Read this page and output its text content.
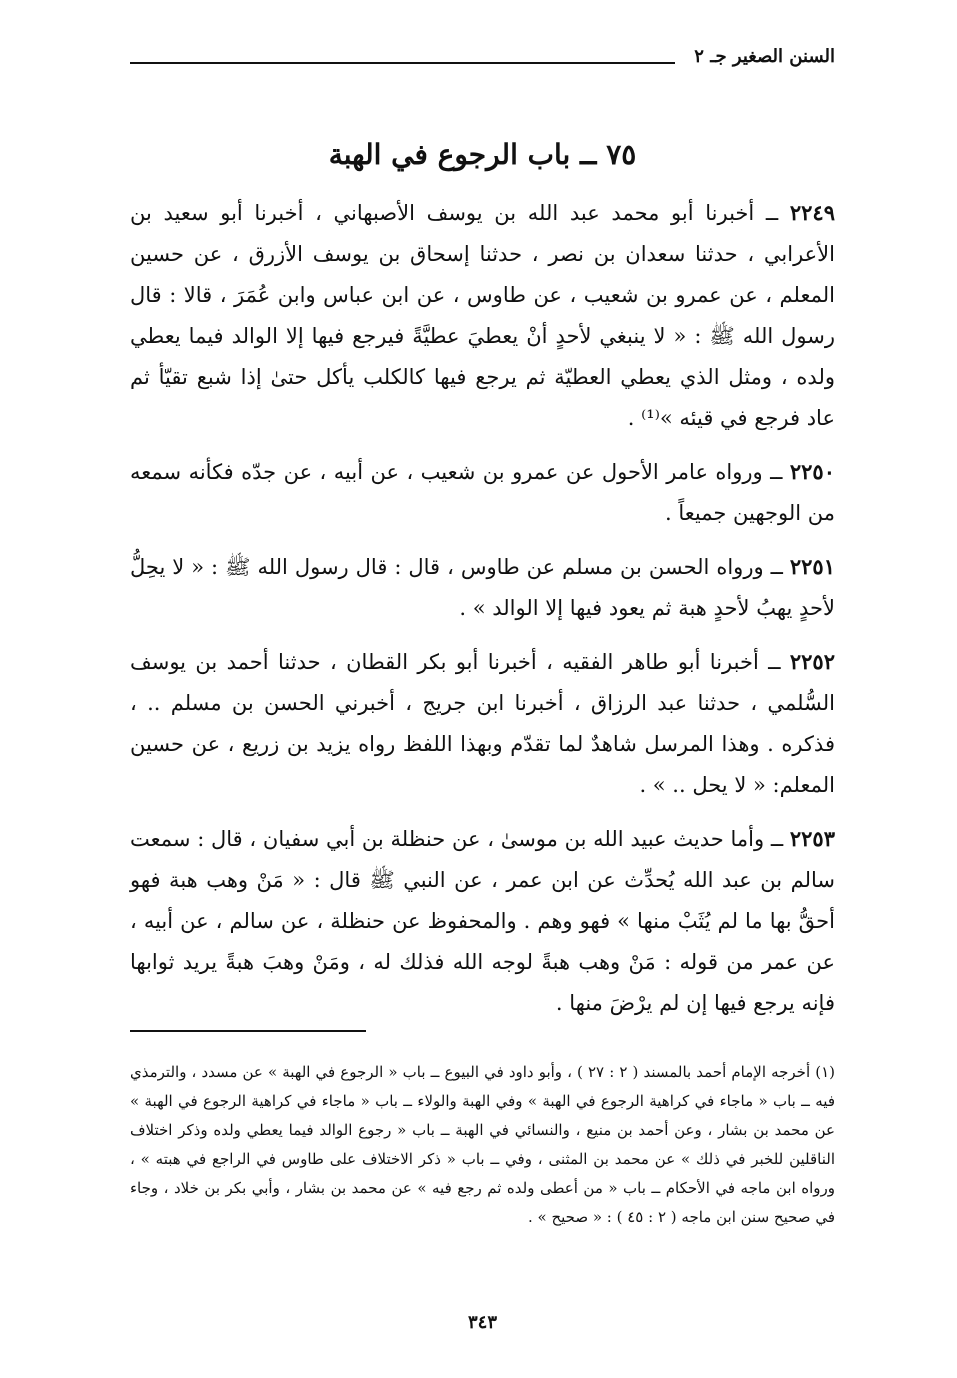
السنن الصغير جـ ٢
٧٥ ــ باب الرجوع في الهبة

٢٢٤٩ ــ أخبرنا أبو محمد عبد الله بن يوسف الأصبهاني ، أخبرنا أبو سعيد بن الأعرابي ، حدثنا سعدان بن نصر ، حدثنا إسحاق بن يوسف الأزرق ، عن حسين المعلم ، عن عمرو بن شعيب ، عن طاوس ، عن ابن عباس وابن عُمَرَ ، قالا : قال رسول الله ﷺ : « لا ينبغي لأحدٍ أنْ يعطيَ عطيَّةً فيرجع فيها إلا الوالد فيما يعطي ولده ، ومثل الذي يعطي العطيّة ثم يرجع فيها كالكلب يأكل حتىٰ إذا شبع تقيّأ ثم عاد فرجع في قيئه »⁽¹⁾ .

٢٢٥٠ ــ ورواه عامر الأحول عن عمرو بن شعيب ، عن أبيه ، عن جدّه فكأنه سمعه من الوجهين جميعاً .

٢٢٥١ ــ ورواه الحسن بن مسلم عن طاوس ، قال : قال رسول الله ﷺ : « لا يحِلُّ لأحدٍ يهبُ لأحدٍ هبة ثم يعود فيها إلا الوالد » .

٢٢٥٢ ــ أخبرنا أبو طاهر الفقيه ، أخبرنا أبو بكر القطان ، حدثنا أحمد بن يوسف السُّلمي ، حدثنا عبد الرزاق ، أخبرنا ابن جريج ، أخبرني الحسن بن مسلم .. ، فذكره . وهذا المرسل شاهدٌ لما تقدّم وبهذا اللفظ رواه يزيد بن زريع ، عن حسين المعلم: « لا يحل .. » .

٢٢٥٣ ــ وأما حديث عبيد الله بن موسىٰ ، عن حنظلة بن أبي سفيان ، قال : سمعت سالم بن عبد الله يُحدِّث عن ابن عمر ، عن النبي ﷺ قال : « مَنْ وهب هبة فهو أحقُّ بها ما لم يُثَبْ منها » فهو وهم . والمحفوظ عن حنظلة ، عن سالم ، عن أبيه ، عن عمر من قوله : مَنْ وهب هبةً لوجه الله فذلك له ، ومَنْ وهبَ هبةً يريد ثوابها فإنه يرجع فيها إن لم يرْضَ منها .

(١) أخرجه الإمام أحمد بالمسند ( ٢ : ٢٧ ) ، وأبو داود في البيوع ــ باب « الرجوع في الهبة » عن مسدد ، والترمذي فيه ــ باب « ماجاء في كراهية الرجوع في الهبة » وفي الهبة والولاء ــ باب « ماجاء في كراهية الرجوع في الهبة » عن محمد بن بشار ، وعن أحمد بن منيع ، والنسائي في الهبة ــ باب « رجوع الوالد فيما يعطي ولده وذكر اختلاف الناقلين للخبر في ذلك » عن محمد بن المثنى ، وفي ــ باب « ذكر الاختلاف على طاوس في الراجع في هبته » ، ورواه ابن ماجه في الأحكام ــ باب « من أعطى ولده ثم رجع فيه » عن محمد بن بشار ، وأبي بكر بن خلاد ، وجاء في صحيح سنن ابن ماجه ( ٢ : ٤٥ ) : « صحيح » .
٣٤٣
